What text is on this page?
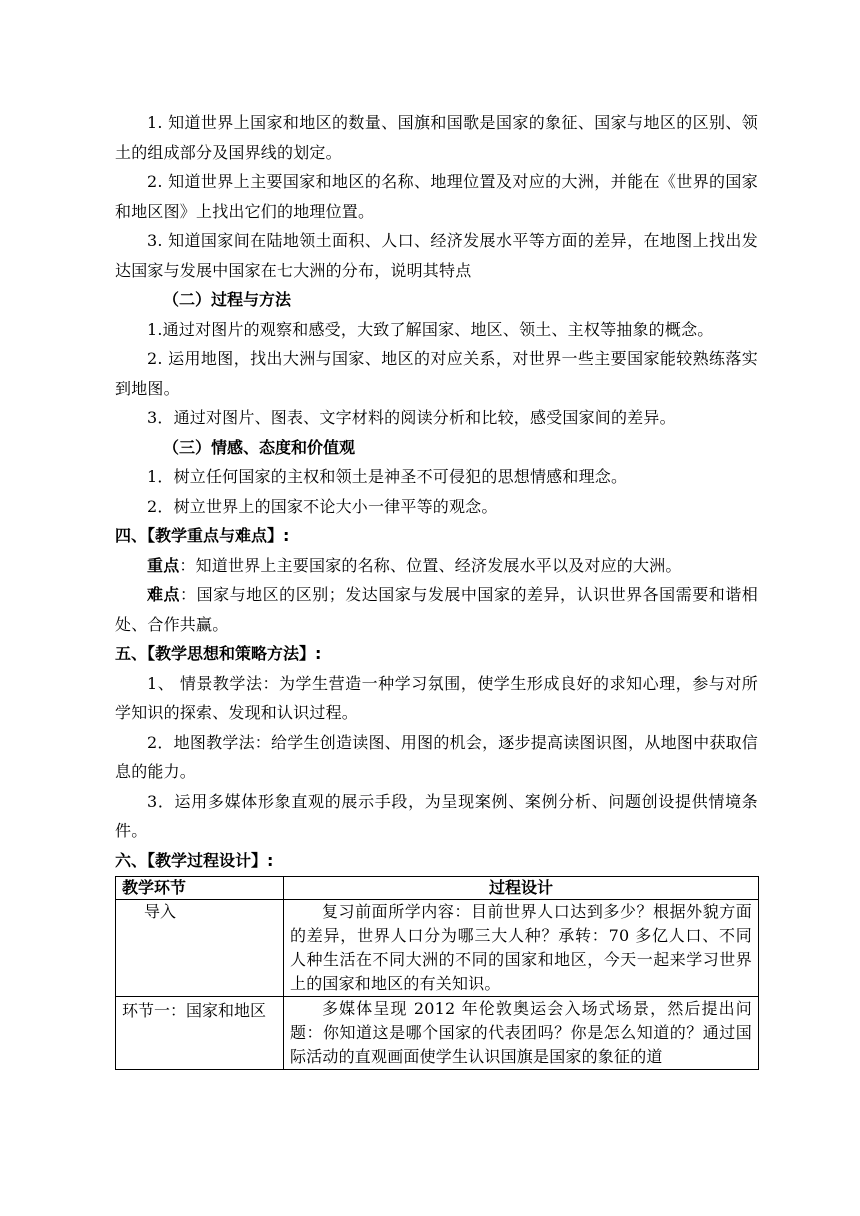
1. 知道世界上国家和地区的数量、国旗和国歌是国家的象征、国家与地区的区别、领土的组成部分及国界线的划定。

2. 知道世界上主要国家和地区的名称、地理位置及对应的大洲，并能在《世界的国家和地区图》上找出它们的地理位置。

3. 知道国家间在陆地领土面积、人口、经济发展水平等方面的差异，在地图上找出发达国家与发展中国家在七大洲的分布，说明其特点

（二）过程与方法

1.通过对图片的观察和感受，大致了解国家、地区、领土、主权等抽象的概念。

2. 运用地图，找出大洲与国家、地区的对应关系，对世界一些主要国家能较熟练落实到地图。

3．通过对图片、图表、文字材料的阅读分析和比较，感受国家间的差异。

（三）情感、态度和价值观

1．树立任何国家的主权和领土是神圣不可侵犯的思想情感和理念。

2．树立世界上的国家不论大小一律平等的观念。

四、【教学重点与难点】:

重点：知道世界上主要国家的名称、位置、经济发展水平以及对应的大洲。

难点：国家与地区的区别；发达国家与发展中国家的差异，认识世界各国需要和谐相处、合作共赢。

五、【教学思想和策略方法】:

1、 情景教学法：为学生营造一种学习氛围，使学生形成良好的求知心理，参与对所学知识的探索、发现和认识过程。

2．地图教学法：给学生创造读图、用图的机会，逐步提高读图识图，从地图中获取信息的能力。

3．运用多媒体形象直观的展示手段，为呈现案例、案例分析、问题创设提供情境条件。

六、【教学过程设计】:

教学环节	过程设计
导入	复习前面所学内容：目前世界人口达到多少？根据外貌方面的差异，世界人口分为哪三大人种？承转：70 多亿人口、不同人种生活在不同大洲的不同的国家和地区，今天一起来学习世界上的国家和地区的有关知识。
环节一：国家和地区	多媒体呈现 2012 年伦敦奥运会入场式场景，然后提出问题：你知道这是哪个国家的代表团吗？你是怎么知道的？通过国际活动的直观画面使学生认识国旗是国家的象征的道
